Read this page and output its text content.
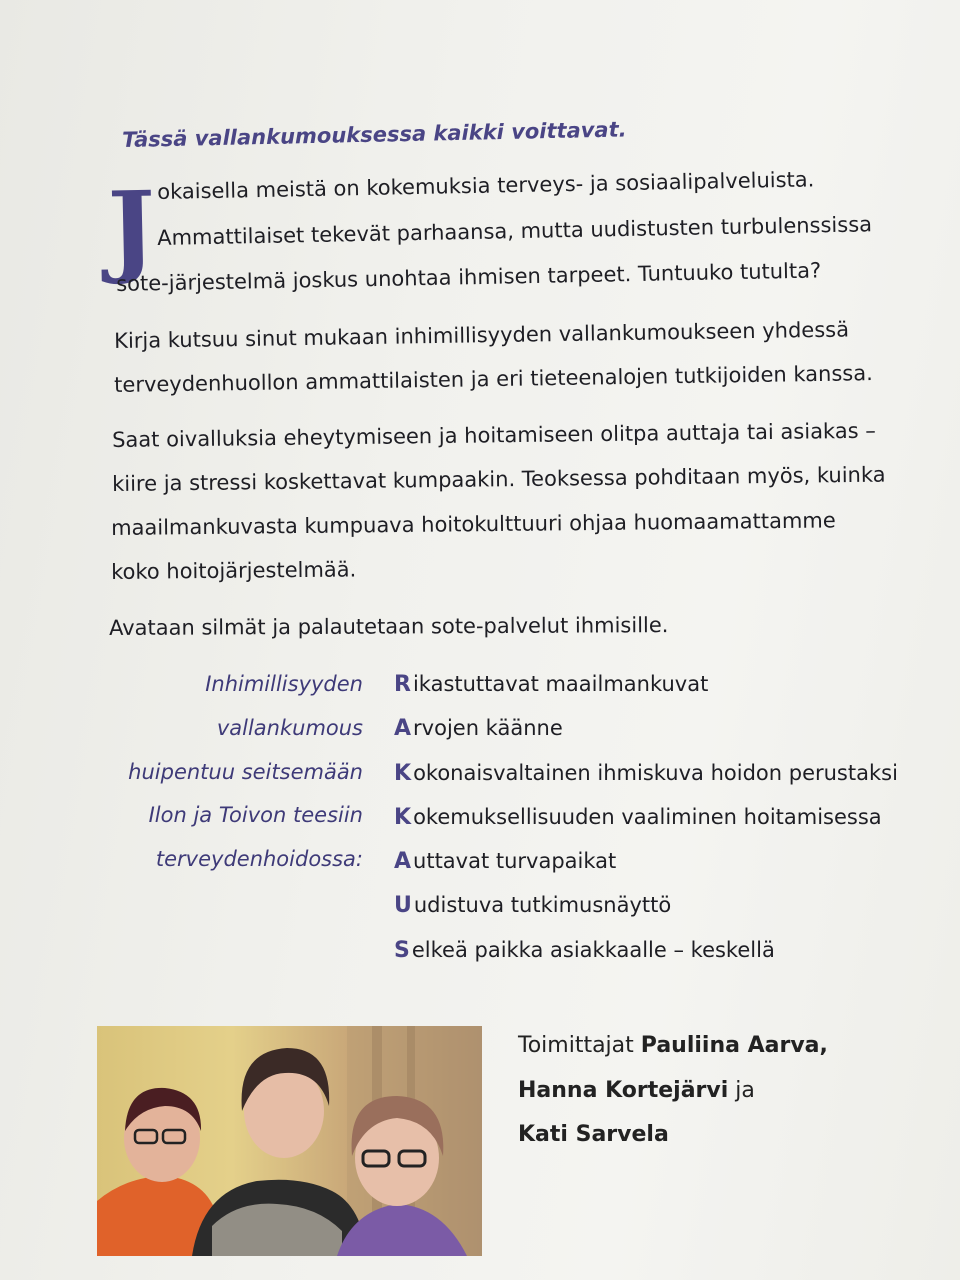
Tässä vallankumouksessa kaikki voittavat.
J okaisella meistä on kokemuksia terveys- ja sosiaalipalveluista.
Ammattilaiset tekevät parhaansa, mutta uudistusten turbulenssissa
sote-järjestelmä joskus unohtaa ihmisen tarpeet. Tuntuuko tutulta?
Kirja kutsuu sinut mukaan inhimillisyyden vallankumoukseen yhdessä
terveydenhuollon ammattilaisten ja eri tieteenalojen tutkijoiden kanssa.
Saat oivalluksia eheytymiseen ja hoitamiseen olitpa auttaja tai asiakas –
kiire ja stressi koskettavat kumpaakin. Teoksessa pohditaan myös, kuinka
maailmankuvasta kumpuava hoitokulttuuri ohjaa huomaamattamme
koko hoitojärjestelmää.
Avataan silmät ja palautetaan sote-palvelut ihmisille.
Inhimillisyyden
vallankumous
huipentuu seitsemään
Ilon ja Toivon teesiin
terveydenhoidossa:
Rikastuttavat maailmankuvat
Arvojen käänne
Kokonaisvaltainen ihmiskuva hoidon perustaksi
Kokemuksellisuuden vaaliminen hoitamisessa
Auttavat turvapaikat
Uudistuva tutkimusnäyttö
Selkeä paikka asiakkaalle – keskellä
Toimittajat Pauliina Aarva,
Hanna Kortejärvi ja
Kati Sarvela
